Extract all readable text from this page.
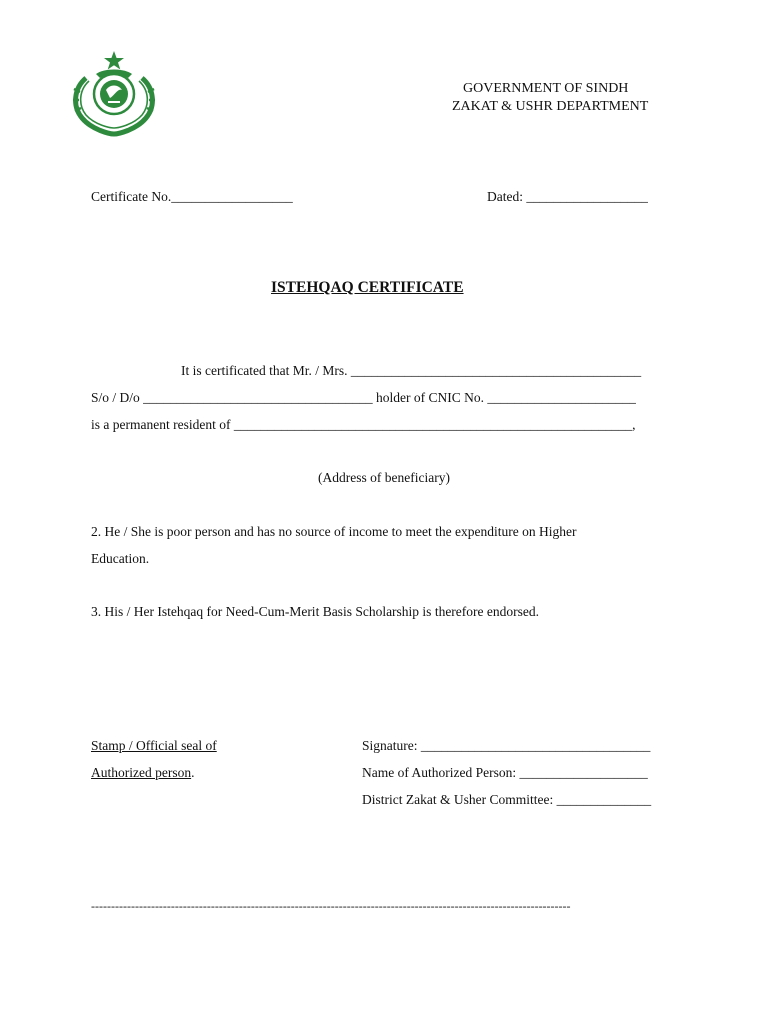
GOVERNMENT OF SINDH
ZAKAT & USHR DEPARTMENT
Certificate No.__________________	Dated: __________________
ISTEHQAQ CERTIFICATE
It is certificated that Mr. / Mrs. ___________________________________________
S/o / D/o __________________________________ holder of CNIC No. ______________________
is a permanent resident of ___________________________________________________________,
(Address of beneficiary)
2. He / She is poor person and has no source of income to meet the expenditure on Higher
Education.
3. His / Her Istehqaq for Need-Cum-Merit Basis Scholarship is therefore endorsed.
Stamp / Official seal of
Authorized person.
Signature: __________________________________
Name of Authorized Person: ___________________
District Zakat & Usher Committee: ______________
------------------------------------------------------------------------------------------------------------------------
